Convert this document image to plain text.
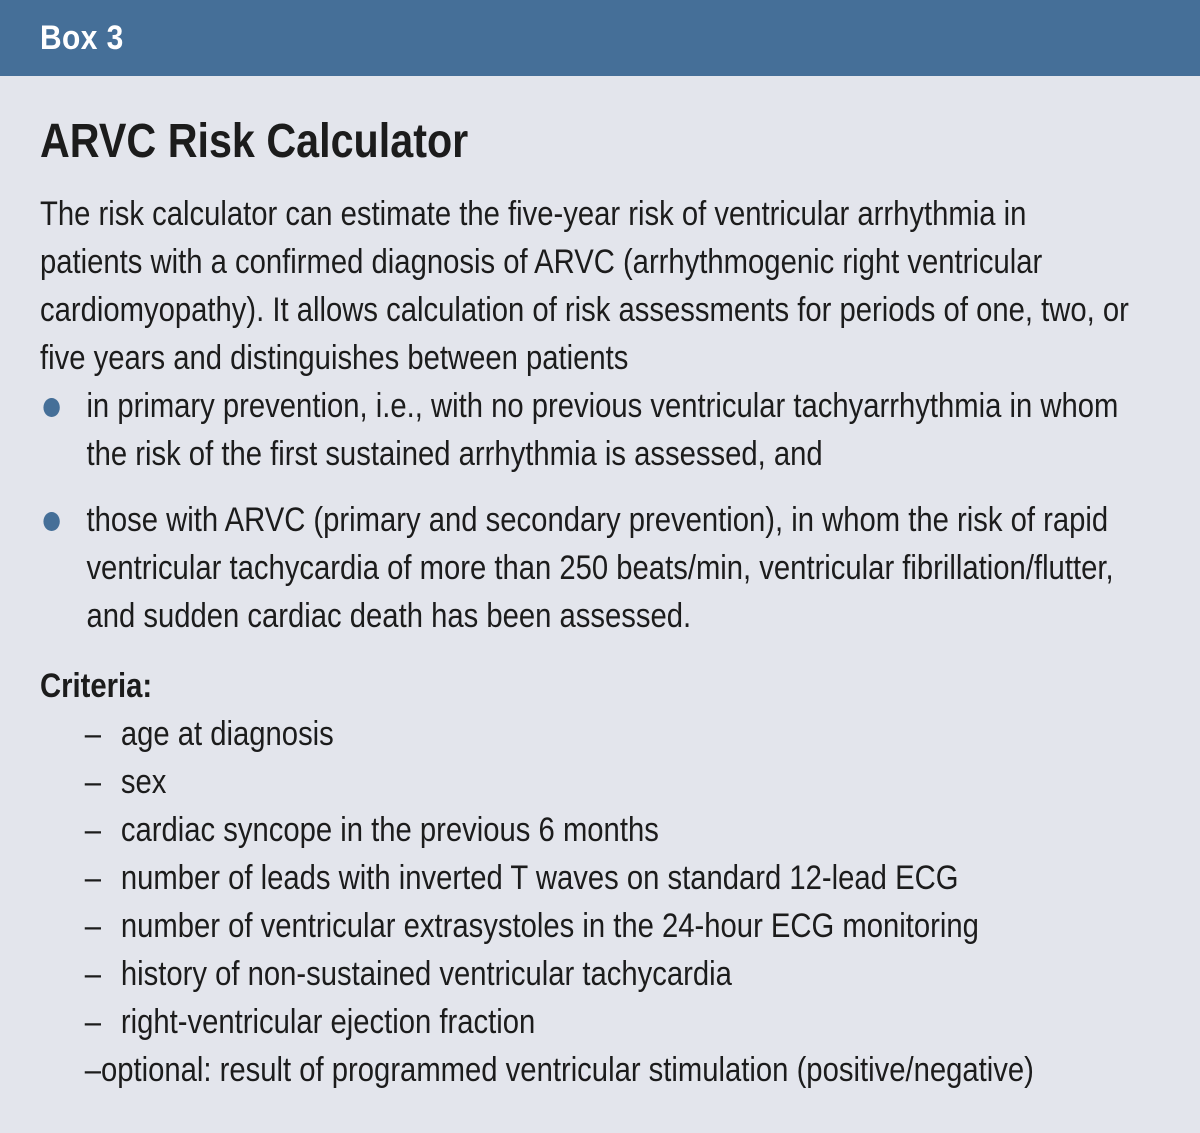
Box 3
ARVC Risk Calculator

The risk calculator can estimate the five-year risk of ventricular arrhythmia in patients with a confirmed diagnosis of ARVC (arrhythmogenic right ventricular cardiomyopathy). It allows calculation of risk assessments for periods of one, two, or five years and distinguishes between patients

in primary prevention, i.e., with no previous ventricular tachyarrhythmia in whom the risk of the first sustained arrhythmia is assessed, and
those with ARVC (primary and secondary prevention), in whom the risk of rapid ventricular tachycardia of more than 250 beats/min, ventricular fibrillation/flutter, and sudden cardiac death has been assessed.
Criteria:
– age at diagnosis
– sex
– cardiac syncope in the previous 6 months
– number of leads with inverted T waves on standard 12-lead ECG
– number of ventricular extrasystoles in the 24-hour ECG monitoring
– history of non-sustained ventricular tachycardia
– right-ventricular ejection fraction
– optional: result of programmed ventricular stimulation (positive/negative)
